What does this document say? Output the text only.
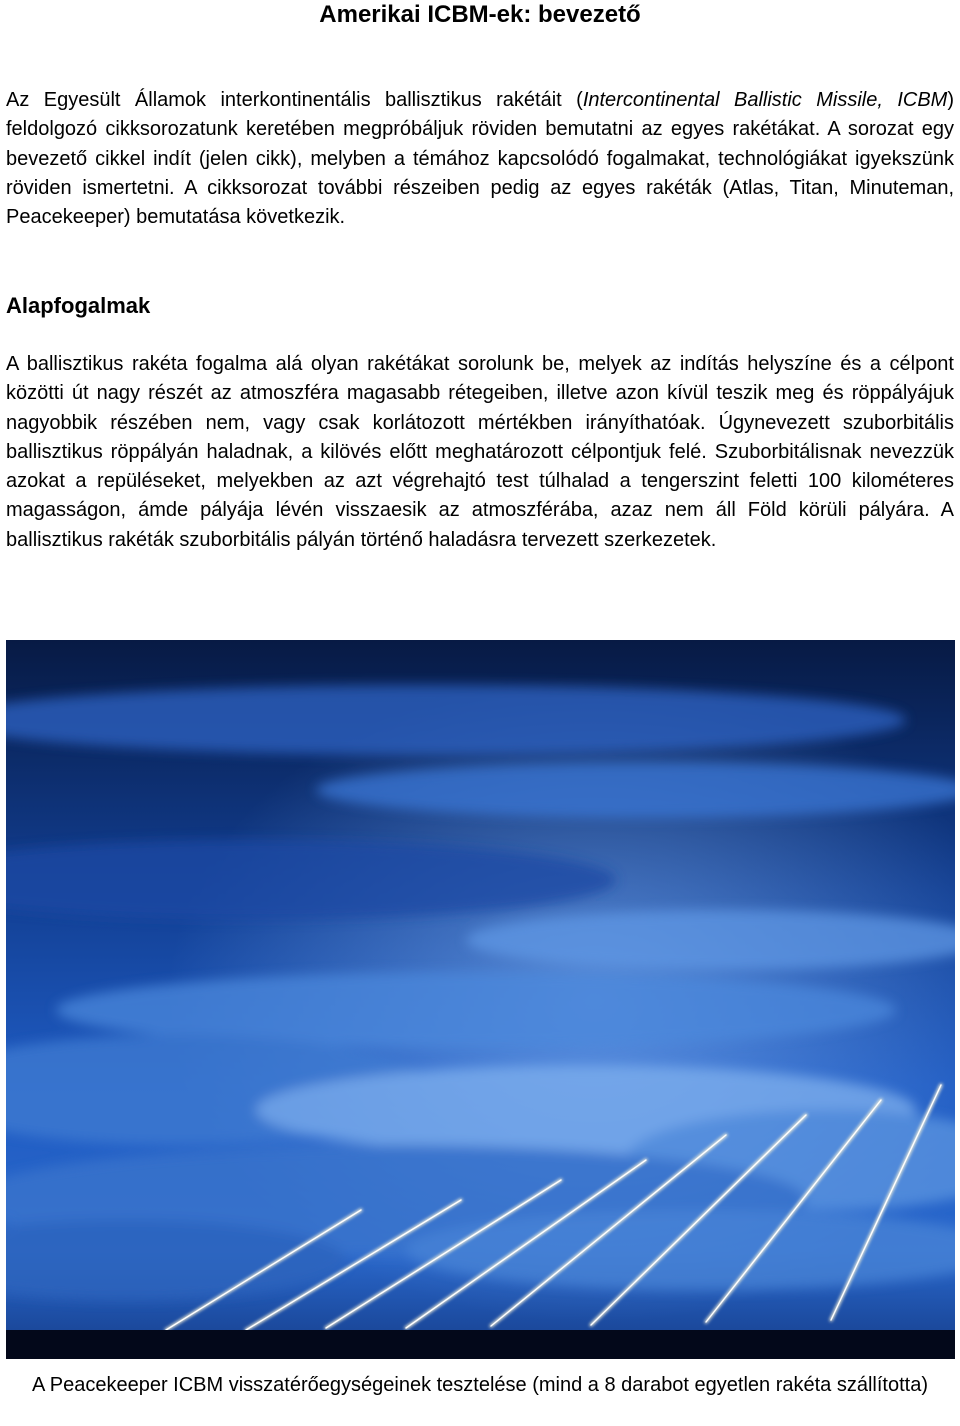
Amerikai ICBM-ek: bevezető

Az Egyesült Államok interkontinentális ballisztikus rakétáit (Intercontinental Ballistic Missile, ICBM) feldolgozó cikksorozatunk keretében megpróbáljuk röviden bemutatni az egyes rakétákat. A sorozat egy bevezető cikkel indít (jelen cikk), melyben a témához kapcsolódó fogalmakat, technológiákat igyekszünk röviden ismertetni. A cikksorozat további részeiben pedig az egyes rakéták (Atlas, Titan, Minuteman, Peacekeeper) bemutatása következik.

Alapfogalmak

A ballisztikus rakéta fogalma alá olyan rakétákat sorolunk be, melyek az indítás helyszíne és a célpont közötti út nagy részét az atmoszféra magasabb rétegeiben, illetve azon kívül teszik meg és röppályájuk nagyobbik részében nem, vagy csak korlátozott mértékben irányíthatóak. Úgynevezett szuborbitális ballisztikus röppályán haladnak, a kilövés előtt meghatározott célpontjuk felé. Szuborbitálisnak nevezzük azokat a repüléseket, melyekben az azt végrehajtó test túlhalad a tengerszint feletti 100 kilométeres magasságon, ámde pályája lévén visszaesik az atmoszférába, azaz nem áll Föld körüli pályára. A ballisztikus rakéták szuborbitális pályán történő haladásra tervezett szerkezetek.

A Peacekeeper ICBM visszatérőegységeinek tesztelése (mind a 8 darabot egyetlen rakéta szállította)
